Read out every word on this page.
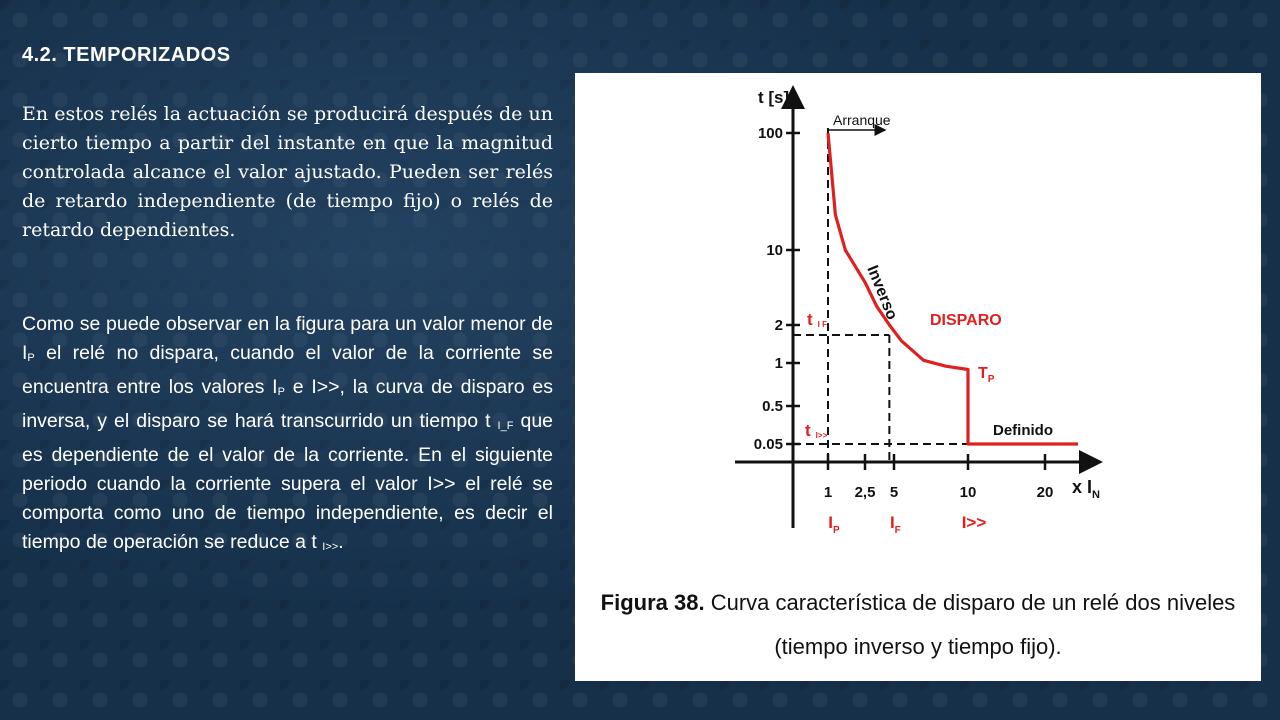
4.2. TEMPORIZADOS

En estos relés la actuación se producirá después de un cierto tiempo a partir del instante en que la magnitud controlada alcance el valor ajustado. Pueden ser relés de retardo independiente (de tiempo fijo) o relés de retardo dependientes.

Como se puede observar en la figura para un valor menor de IP el relé no dispara, cuando el valor de la corriente se encuentra entre los valores IP e I>>, la curva de disparo es inversa, y el disparo se hará transcurrido un tiempo t I_F que es dependiente de el valor de la corriente. En el siguiente periodo cuando la corriente supera el valor I>> el relé se comporta como uno de tiempo independiente, es decir el tiempo de operación se reduce a t I>>.

t [s]
x $I_N$
100
10
2
1
0.5
0.05
1 2,5 5	10	20
Arranque
Inverso DISPARO
$T_P$
Definido
t I F
t I>>
$I_P$	$I_F$	I>>

Figura 38. Curva característica de disparo de un relé dos niveles (tiempo inverso y tiempo fijo).
